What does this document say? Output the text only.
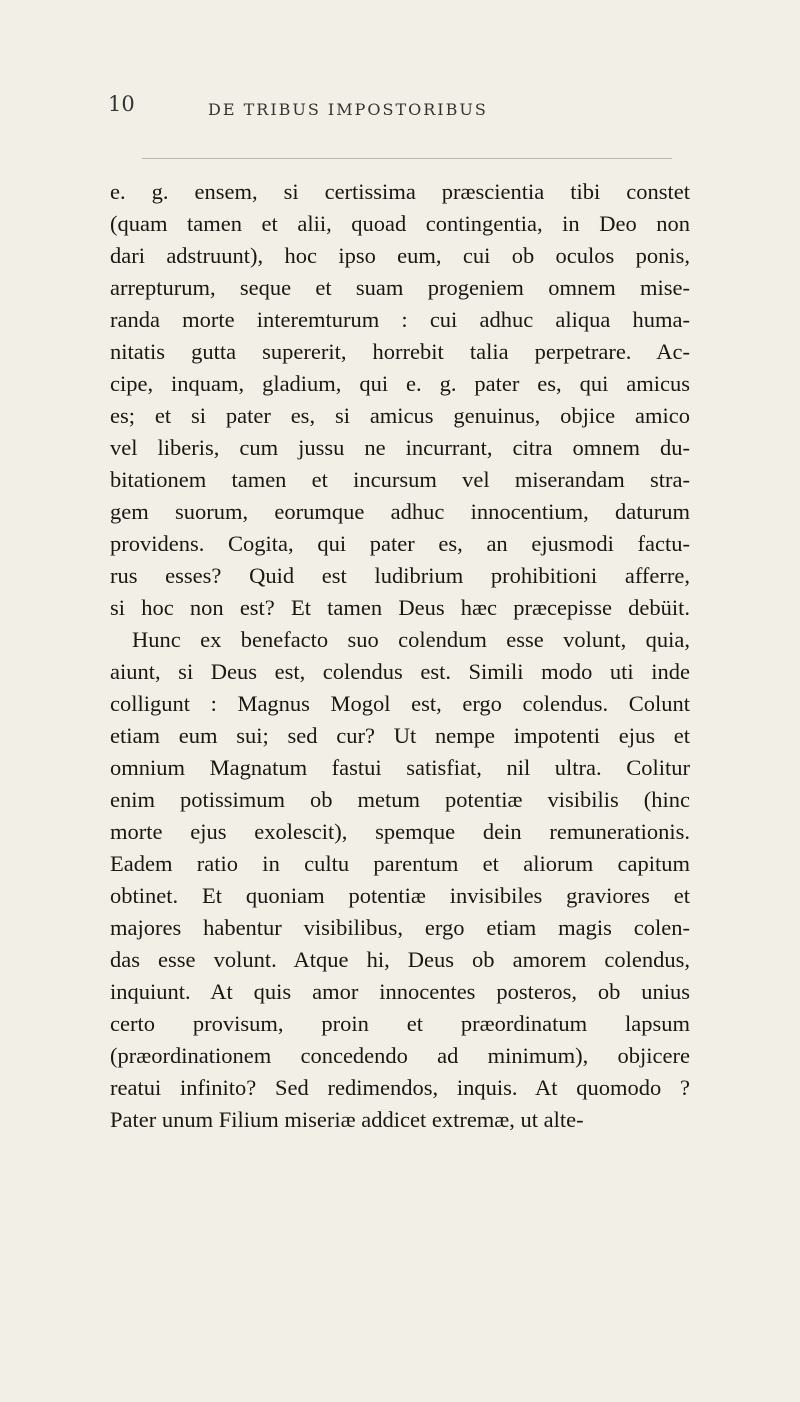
10	DE TRIBUS IMPOSTORIBUS
e. g. ensem, si certissima præscientia tibi constet
(quam tamen et alii, quoad contingentia, in Deo non
dari adstruunt), hoc ipso eum, cui ob oculos ponis,
arrepturum, seque et suam progeniem omnem mise-
randa morte interemturum : cui adhuc aliqua huma-
nitatis gutta supererit, horrebit talia perpetrare. Ac-
cipe, inquam, gladium, qui e. g. pater es, qui amicus
es; et si pater es, si amicus genuinus, objice amico
vel liberis, cum jussu ne incurrant, citra omnem du-
bitationem tamen et incursum vel miserandam stra-
gem suorum, eorumque adhuc innocentium, daturum
providens. Cogita, qui pater es, an ejusmodi factu-
rus esses? Quid est ludibrium prohibitioni afferre,
si hoc non est? Et tamen Deus hæc præcepisse debüit.
Hunc ex benefacto suo colendum esse volunt, quia,
aiunt, si Deus est, colendus est. Simili modo uti inde
colligunt : Magnus Mogol est, ergo colendus. Colunt
etiam eum sui; sed cur? Ut nempe impotenti ejus et
omnium Magnatum fastui satisfiat, nil ultra. Colitur
enim potissimum ob metum potentiæ visibilis (hinc
morte ejus exolescit), spemque dein remunerationis.
Eadem ratio in cultu parentum et aliorum capitum
obtinet. Et quoniam potentiæ invisibiles graviores et
majores habentur visibilibus, ergo etiam magis colen-
das esse volunt. Atque hi, Deus ob amorem colendus,
inquiunt. At quis amor innocentes posteros, ob unius
certo provisum, proin et præordinatum lapsum
(præordinationem concedendo ad minimum), objicere
reatui infinito? Sed redimendos, inquis. At quomodo ?
Pater unum Filium miseriæ addicet extremæ, ut alte-
